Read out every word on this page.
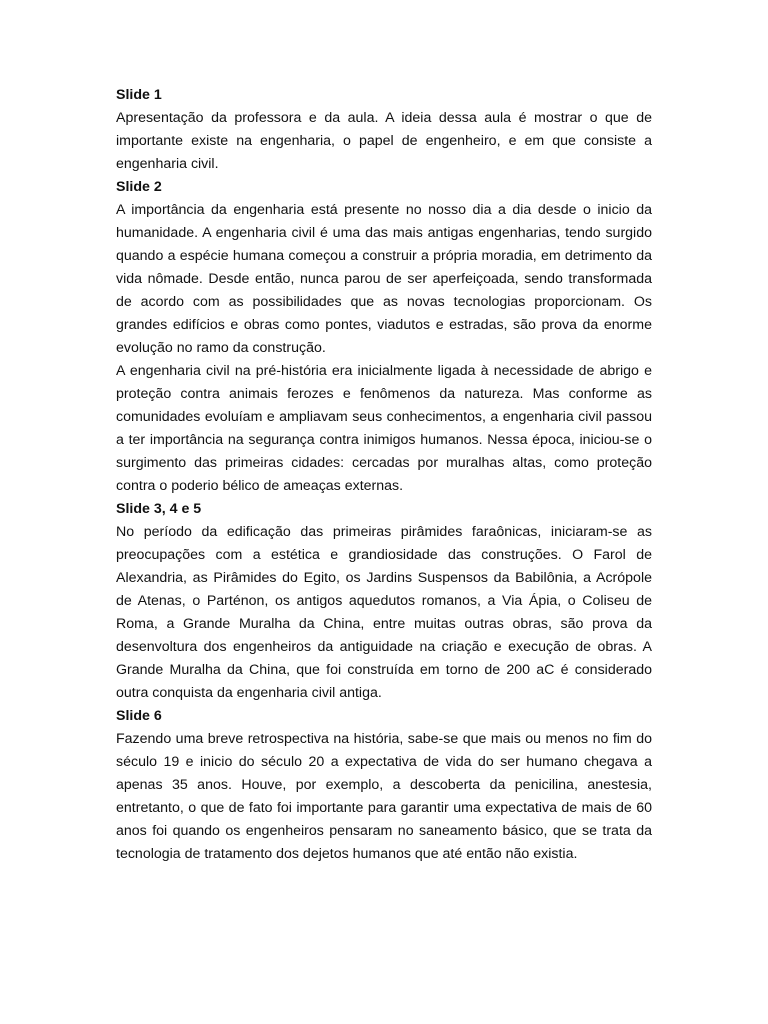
Slide 1

Apresentação da professora e da aula. A ideia dessa aula é mostrar o que de importante existe na engenharia, o papel de engenheiro, e em que consiste a engenharia civil.

Slide 2

A importância da engenharia está presente no nosso dia a dia desde o inicio da humanidade. A engenharia civil é uma das mais antigas engenharias, tendo surgido quando a espécie humana começou a construir a própria moradia, em detrimento da vida nômade. Desde então, nunca parou de ser aperfeiçoada, sendo transformada de acordo com as possibilidades que as novas tecnologias proporcionam. Os grandes edifícios e obras como pontes, viadutos e estradas, são prova da enorme evolução no ramo da construção.

A engenharia civil na pré-história era inicialmente ligada à necessidade de abrigo e proteção contra animais ferozes e fenômenos da natureza. Mas conforme as comunidades evoluíam e ampliavam seus conhecimentos, a engenharia civil passou a ter importância na segurança contra inimigos humanos. Nessa época, iniciou-se o surgimento das primeiras cidades: cercadas por muralhas altas, como proteção contra o poderio bélico de ameaças externas.

Slide 3, 4 e 5

No período da edificação das primeiras pirâmides faraônicas, iniciaram-se as preocupações com a estética e grandiosidade das construções. O Farol de Alexandria, as Pirâmides do Egito, os Jardins Suspensos da Babilônia, a Acrópole de Atenas, o Parténon, os antigos aquedutos romanos, a Via Ápia, o Coliseu de Roma, a Grande Muralha da China, entre muitas outras obras, são prova da desenvoltura dos engenheiros da antiguidade na criação e execução de obras. A Grande Muralha da China, que foi construída em torno de 200 aC é considerado outra conquista da engenharia civil antiga.

Slide 6

Fazendo uma breve retrospectiva na história, sabe-se que mais ou menos no fim do século 19 e inicio do século 20 a expectativa de vida do ser humano chegava a apenas 35 anos. Houve, por exemplo, a descoberta da penicilina, anestesia, entretanto, o que de fato foi importante para garantir uma expectativa de mais de 60 anos foi quando os engenheiros pensaram no saneamento básico, que se trata da tecnologia de tratamento dos dejetos humanos que até então não existia.
